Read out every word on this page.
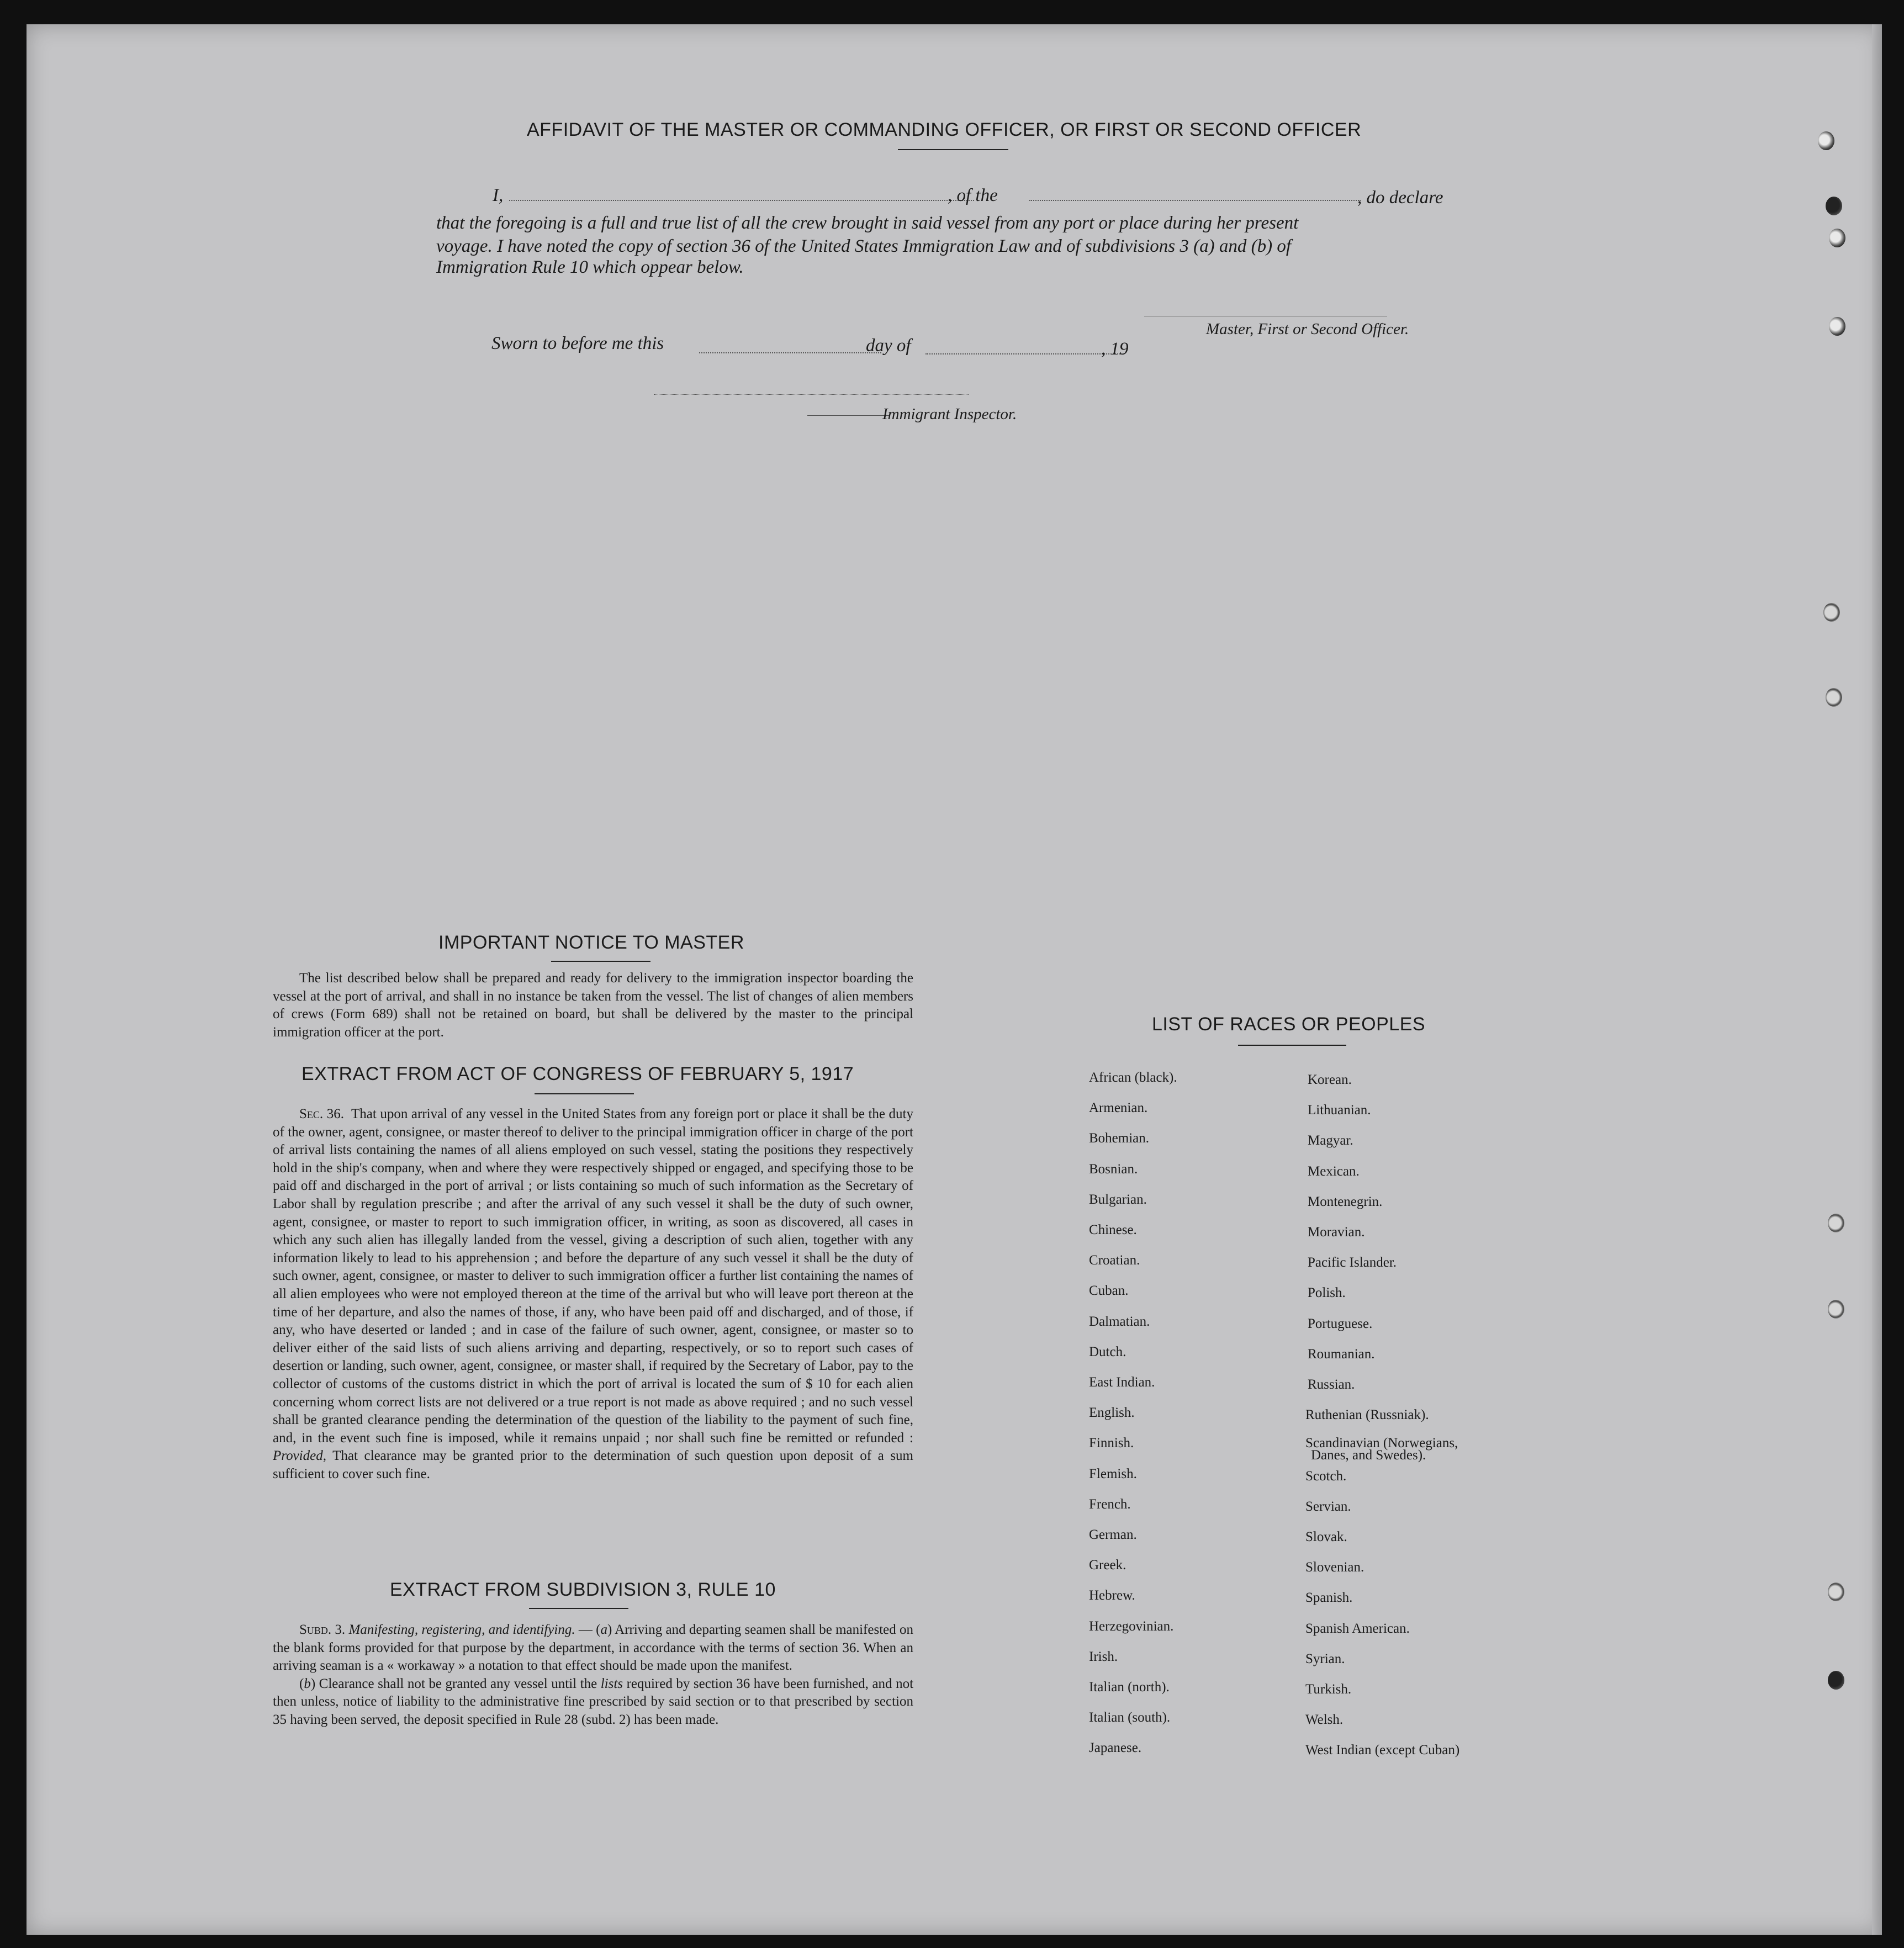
AFFIDAVIT OF THE MASTER OR COMMANDING OFFICER, OR FIRST OR SECOND OFFICER
I,	, of the	, do declare
that the foregoing is a full and true list of all the crew brought in said vessel from any port or place during her present
voyage. I have noted the copy of section 36 of the United States Immigration Law and of subdivisions 3 (a) and (b) of
Immigration Rule 10 which oppear below.
Master, First or Second Officer.
Sworn to before me this	day of	, 19
Immigrant Inspector.
IMPORTANT NOTICE TO MASTER

The list described below shall be prepared and ready for delivery to the immigration inspector boarding the vessel at the port of arrival, and shall in no instance be taken from the vessel. The list of changes of alien members of crews (Form 689) shall not be retained on board, but shall be delivered by the master to the principal immigration officer at the port.

EXTRACT FROM ACT OF CONGRESS OF FEBRUARY 5, 1917

Sec. 36. That upon arrival of any vessel in the United States from any foreign port or place it shall be the duty of the owner, agent, consignee, or master thereof to deliver to the principal immigration officer in charge of the port of arrival lists containing the names of all aliens employed on such vessel, stating the positions they respectively hold in the ship's company, when and where they were respectively shipped or engaged, and specifying those to be paid off and discharged in the port of arrival ; or lists containing so much of such information as the Secretary of Labor shall by regulation prescribe ; and after the arrival of any such vessel it shall be the duty of such owner, agent, consignee, or master to report to such immigration officer, in writing, as soon as discovered, all cases in which any such alien has illegally landed from the vessel, giving a description of such alien, together with any information likely to lead to his apprehension ; and before the departure of any such vessel it shall be the duty of such owner, agent, consignee, or master to deliver to such immigration officer a further list containing the names of all alien employees who were not employed thereon at the time of the arrival but who will leave port thereon at the time of her departure, and also the names of those, if any, who have been paid off and discharged, and of those, if any, who have deserted or landed ; and in case of the failure of such owner, agent, consignee, or master so to deliver either of the said lists of such aliens arriving and departing, respectively, or so to report such cases of desertion or landing, such owner, agent, consignee, or master shall, if required by the Secretary of Labor, pay to the collector of customs of the customs district in which the port of arrival is located the sum of $ 10 for each alien concerning whom correct lists are not delivered or a true report is not made as above required ; and no such vessel shall be granted clearance pending the determination of the question of the liability to the payment of such fine, and, in the event such fine is imposed, while it remains unpaid ; nor shall such fine be remitted or refunded : Provided, That clearance may be granted prior to the determination of such question upon deposit of a sum sufficient to cover such fine.

EXTRACT FROM SUBDIVISION 3, RULE 10

Subd. 3. Manifesting, registering, and identifying. — (a) Arriving and departing seamen shall be manifested on the blank forms provided for that purpose by the department, in accordance with the terms of section 36. When an arriving seaman is a « workaway » a notation to that effect should be made upon the manifest.

(b) Clearance shall not be granted any vessel until the lists required by section 36 have been furnished, and not then unless, notice of liability to the administrative fine prescribed by said section or to that prescribed by section 35 having been served, the deposit specified in Rule 28 (subd. 2) has been made.

LIST OF RACES OR PEOPLES
African (black).
Armenian.
Bohemian.
Bosnian.
Bulgarian.
Chinese.
Croatian.
Cuban.
Dalmatian.
Dutch.
East Indian.
English.
Finnish.
Flemish.
French.
German.
Greek.
Hebrew.
Herzegovinian.
Irish.
Italian (north).
Italian (south).
Japanese.
Korean.
Lithuanian.
Magyar.
Mexican.
Montenegrin.
Moravian.
Pacific Islander.
Polish.
Portuguese.
Roumanian.
Russian.
Ruthenian (Russniak).
Scandinavian (Norwegians,
Scotch.
Servian.
Slovak.
Slovenian.
Spanish.
Spanish American.
Syrian.
Turkish.
Welsh.
West Indian (except Cuban)
Danes, and Swedes).
